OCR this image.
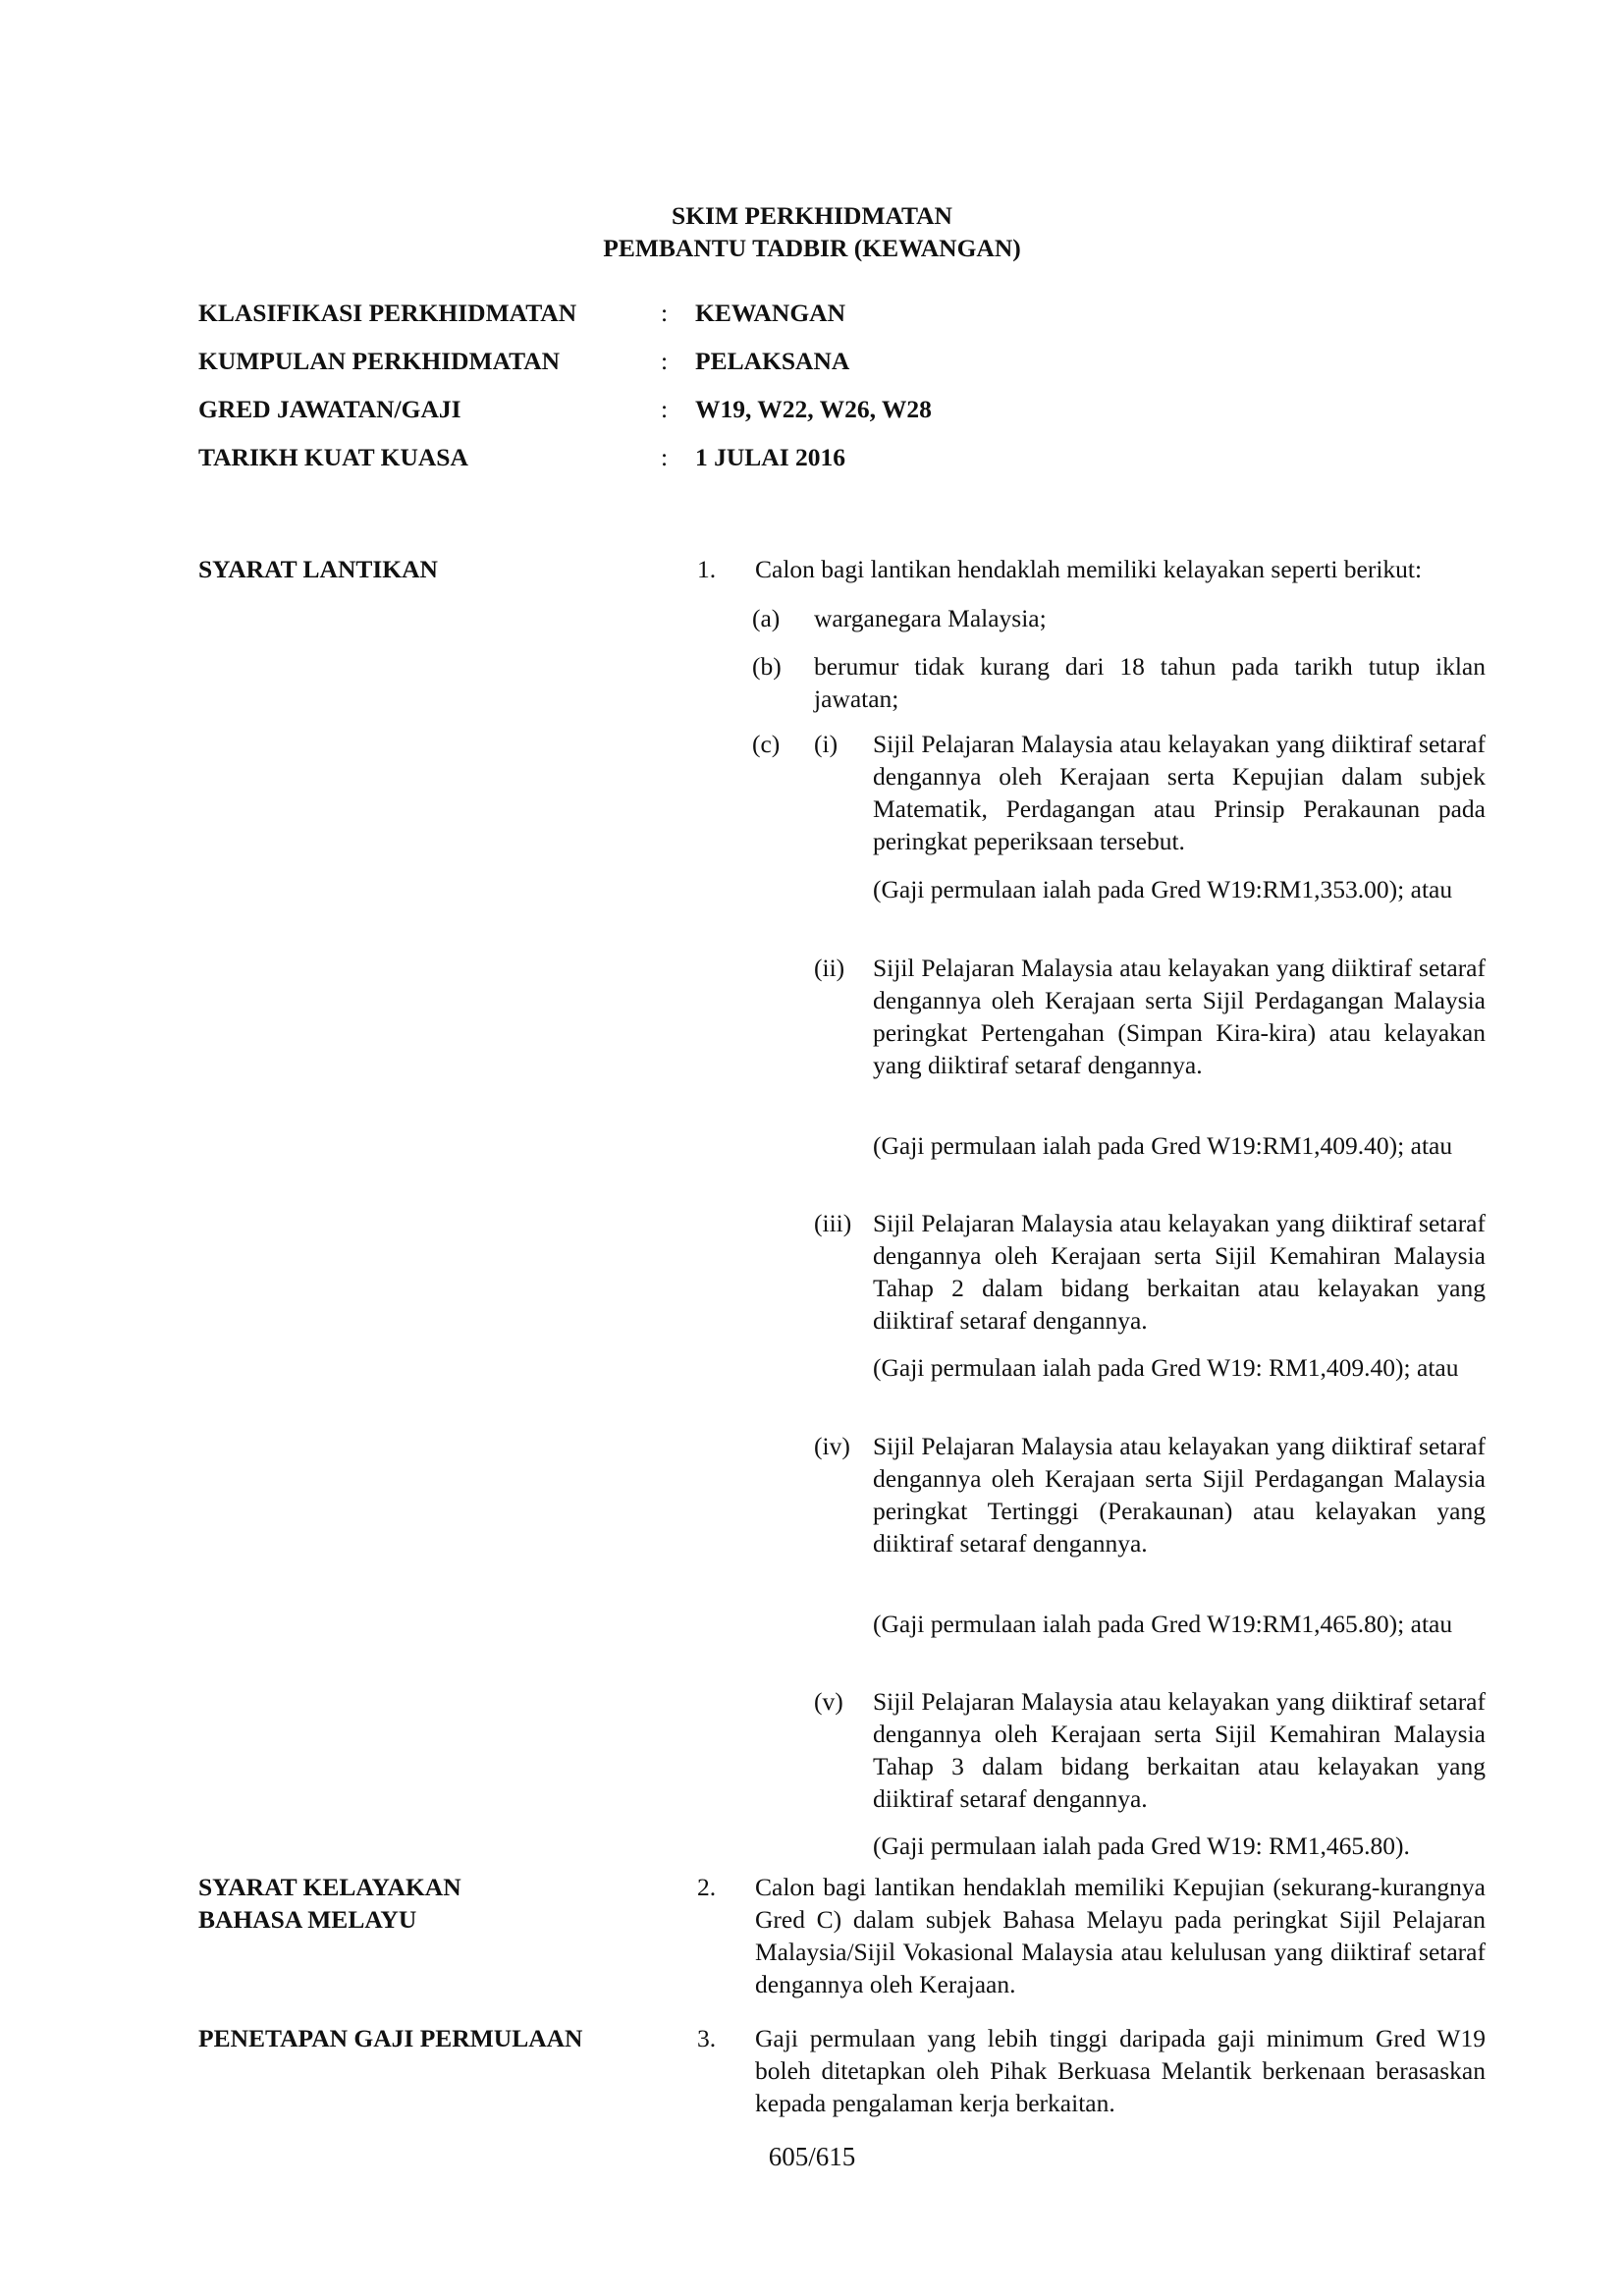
SKIM PERKHIDMATAN
PEMBANTU TADBIR (KEWANGAN)
KLASIFIKASI PERKHIDMATAN	: KEWANGAN
KUMPULAN PERKHIDMATAN	: PELAKSANA
GRED JAWATAN/GAJI	: W19, W22, W26, W28
TARIKH KUAT KUASA	: 1 JULAI 2016
SYARAT LANTIKAN	1. Calon bagi lantikan hendaklah memiliki kelayakan seperti berikut:
(a) warganegara Malaysia;
(b) berumur tidak kurang dari 18 tahun pada tarikh tutup iklan jawatan;
(c) (i) Sijil Pelajaran Malaysia atau kelayakan yang diiktiraf setaraf dengannya oleh Kerajaan serta Kepujian dalam subjek Matematik, Perdagangan atau Prinsip Perakaunan pada peringkat peperiksaan tersebut.
(Gaji permulaan ialah pada Gred W19:RM1,353.00); atau
(ii) Sijil Pelajaran Malaysia atau kelayakan yang diiktiraf setaraf dengannya oleh Kerajaan serta Sijil Perdagangan Malaysia peringkat Pertengahan (Simpan Kira-kira) atau kelayakan yang diiktiraf setaraf dengannya.
(Gaji permulaan ialah pada Gred W19:RM1,409.40); atau
(iii) Sijil Pelajaran Malaysia atau kelayakan yang diiktiraf setaraf dengannya oleh Kerajaan serta Sijil Kemahiran Malaysia Tahap 2 dalam bidang berkaitan atau kelayakan yang diiktiraf setaraf dengannya.
(Gaji permulaan ialah pada Gred W19: RM1,409.40); atau
(iv) Sijil Pelajaran Malaysia atau kelayakan yang diiktiraf setaraf dengannya oleh Kerajaan serta Sijil Perdagangan Malaysia peringkat Tertinggi (Perakaunan) atau kelayakan yang diiktiraf setaraf dengannya.
(Gaji permulaan ialah pada Gred W19:RM1,465.80); atau
(v) Sijil Pelajaran Malaysia atau kelayakan yang diiktiraf setaraf dengannya oleh Kerajaan serta Sijil Kemahiran Malaysia Tahap 3 dalam bidang berkaitan atau kelayakan yang diiktiraf setaraf dengannya.
(Gaji permulaan ialah pada Gred W19: RM1,465.80).
SYARAT KELAYAKAN
BAHASA MELAYU
2. Calon bagi lantikan hendaklah memiliki Kepujian (sekurang-kurangnya Gred C) dalam subjek Bahasa Melayu pada peringkat Sijil Pelajaran Malaysia/Sijil Vokasional Malaysia atau kelulusan yang diiktiraf setaraf dengannya oleh Kerajaan.
PENETAPAN GAJI PERMULAAN	3. Gaji permulaan yang lebih tinggi daripada gaji minimum Gred W19 boleh ditetapkan oleh Pihak Berkuasa Melantik berkenaan berasaskan kepada pengalaman kerja berkaitan.
605/615
